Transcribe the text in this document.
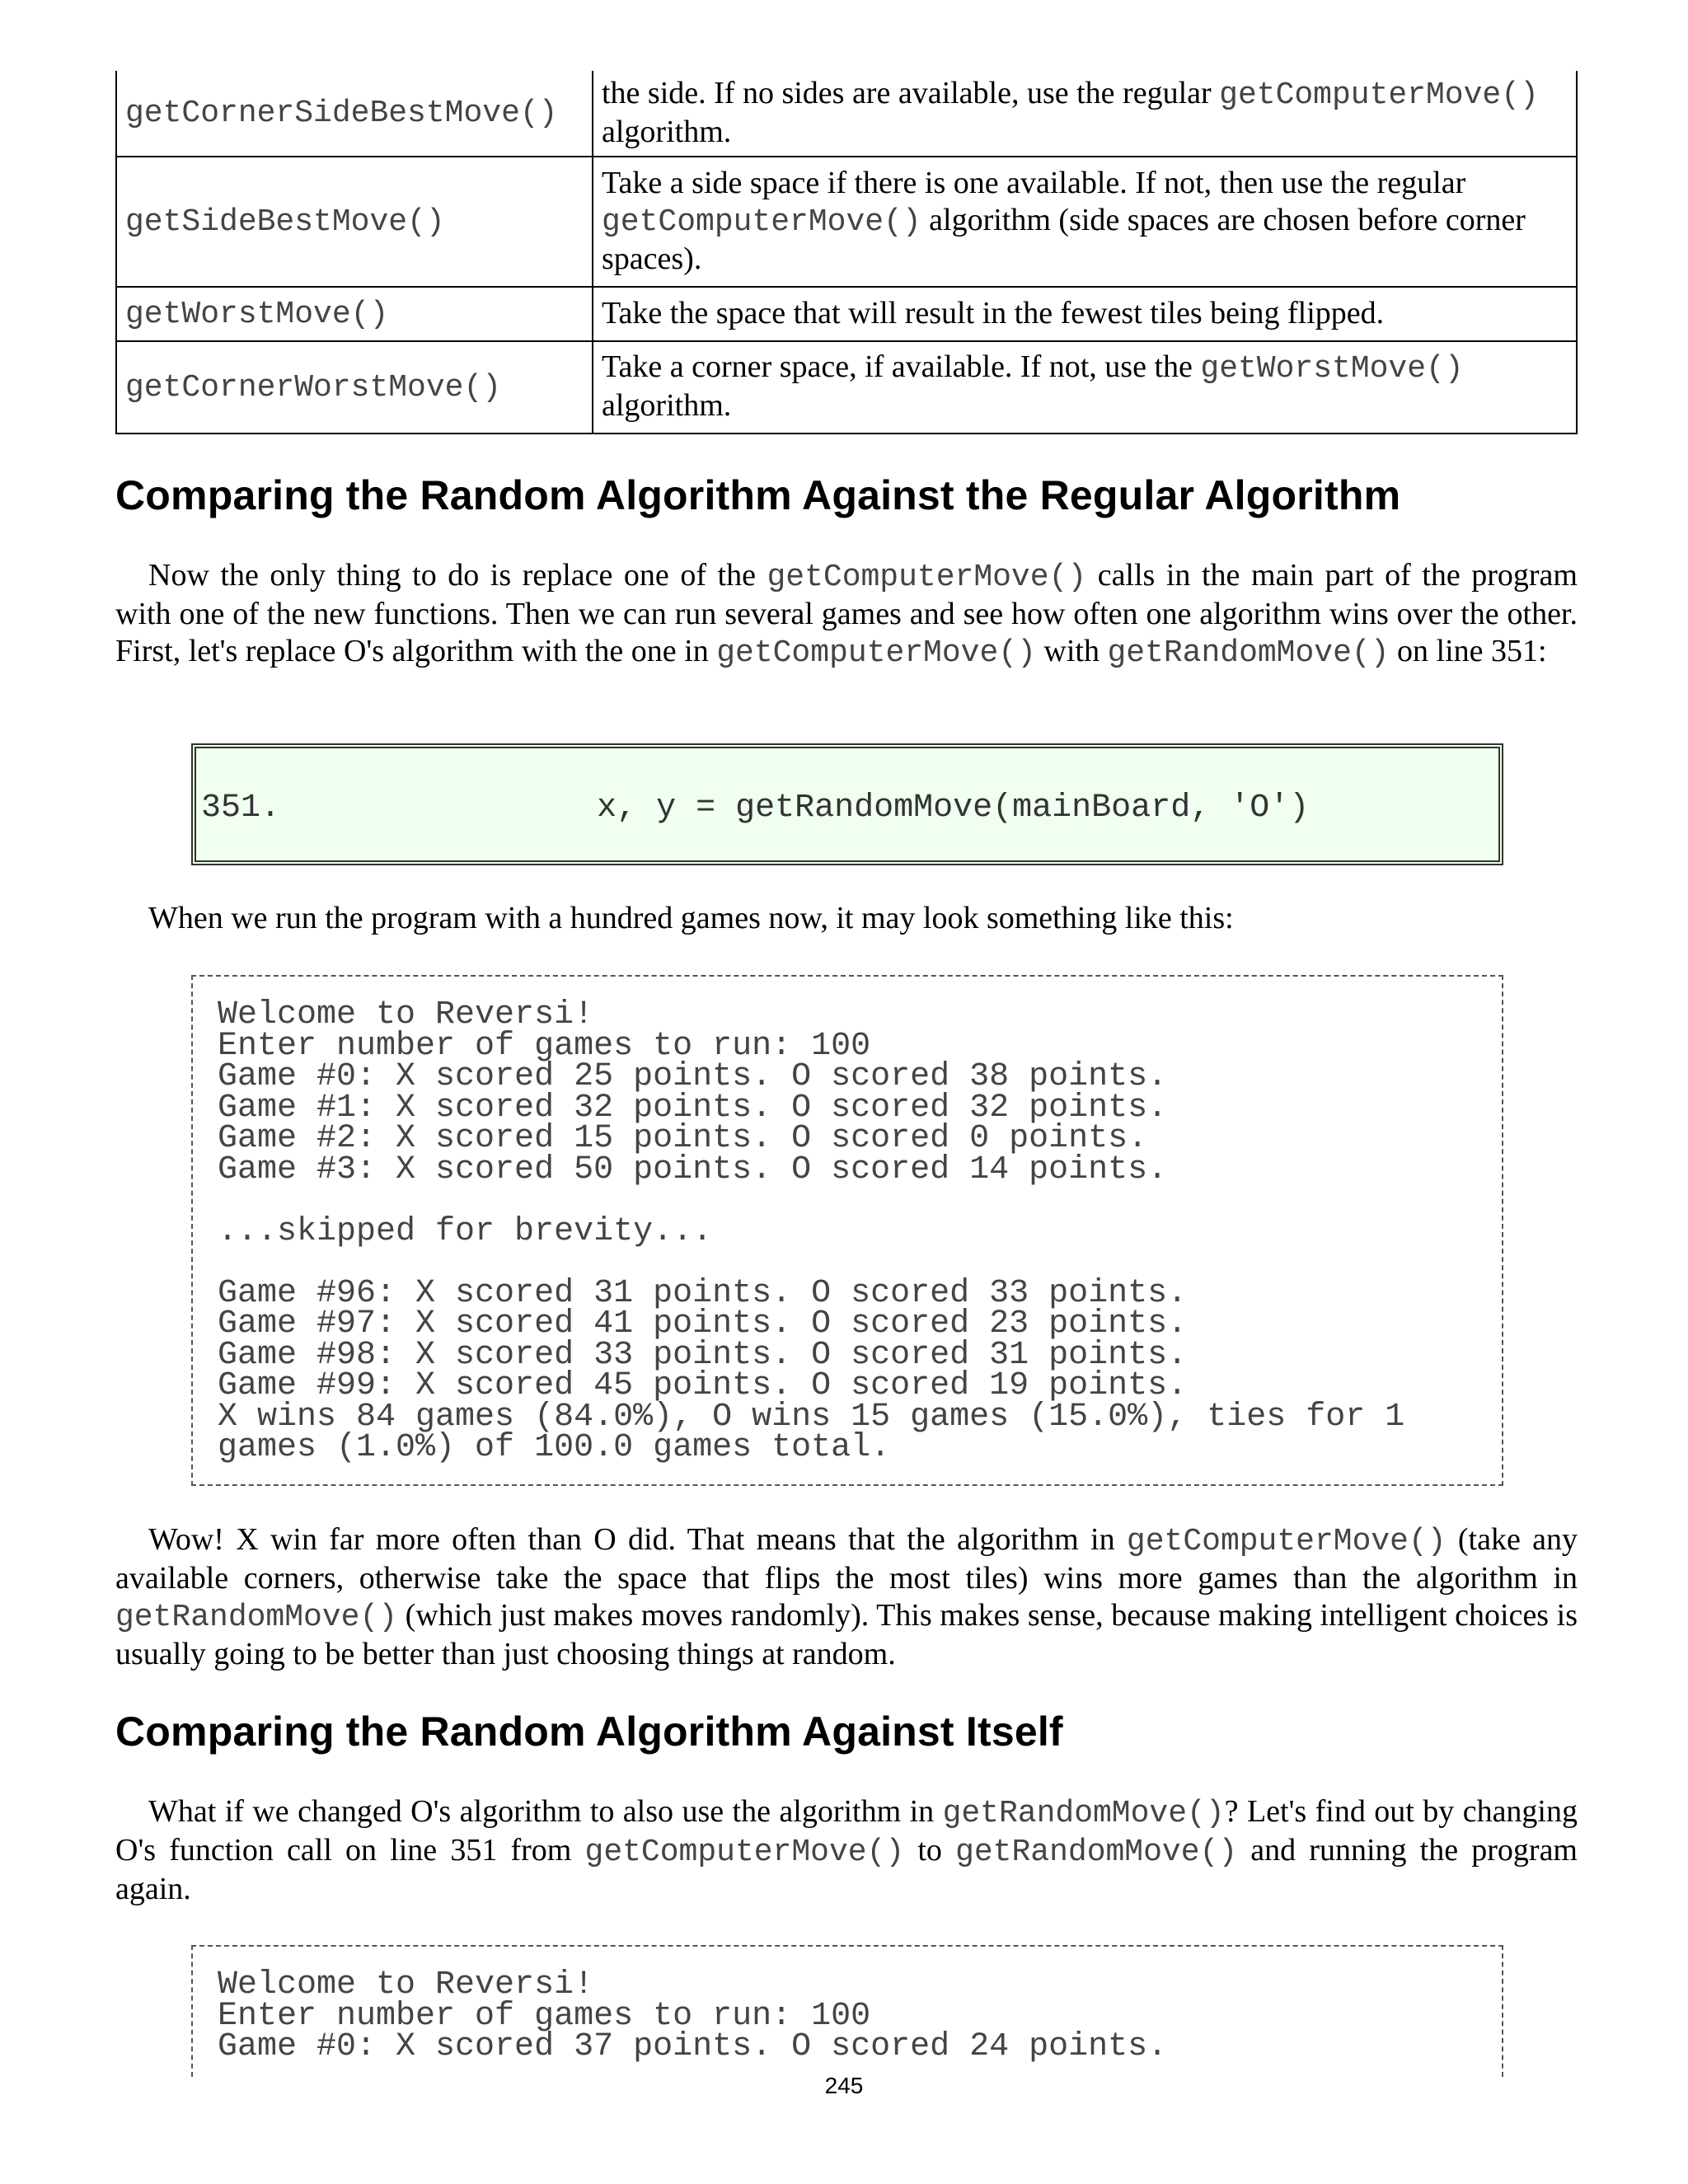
getCornerSideBestMove()	the side. If no sides are available, use the regular getComputerMove() algorithm.
getSideBestMove()	Take a side space if there is one available. If not, then use the regular getComputerMove() algorithm (side spaces are chosen before corner spaces).
getWorstMove()	Take the space that will result in the fewest tiles being flipped.
getCornerWorstMove()	Take a corner space, if available. If not, use the getWorstMove() algorithm.
Comparing the Random Algorithm Against the Regular Algorithm

Now the only thing to do is replace one of the getComputerMove() calls in the main part of the program with one of the new functions. Then we can run several games and see how often one algorithm wins over the other. First, let's replace O's algorithm with the one in getComputerMove() with getRandomMove() on line 351:

351.                x, y = getRandomMove(mainBoard, 'O')

When we run the program with a hundred games now, it may look something like this:

Welcome to Reversi!
Enter number of games to run: 100
Game #0: X scored 25 points. O scored 38 points.
Game #1: X scored 32 points. O scored 32 points.
Game #2: X scored 15 points. O scored 0 points.
Game #3: X scored 50 points. O scored 14 points.
...skipped for brevity...
Game #96: X scored 31 points. O scored 33 points.
Game #97: X scored 41 points. O scored 23 points.
Game #98: X scored 33 points. O scored 31 points.
Game #99: X scored 45 points. O scored 19 points.
X wins 84 games (84.0%), O wins 15 games (15.0%), ties for 1
games (1.0%) of 100.0 games total.

Wow! X win far more often than O did. That means that the algorithm in getComputerMove() (take any available corners, otherwise take the space that flips the most tiles) wins more games than the algorithm in getRandomMove() (which just makes moves randomly). This makes sense, because making intelligent choices is usually going to be better than just choosing things at random.

Comparing the Random Algorithm Against Itself

What if we changed O's algorithm to also use the algorithm in getRandomMove()? Let's find out by changing O's function call on line 351 from getComputerMove() to getRandomMove() and running the program again.

Welcome to Reversi!
Enter number of games to run: 100
Game #0: X scored 37 points. O scored 24 points.
245
